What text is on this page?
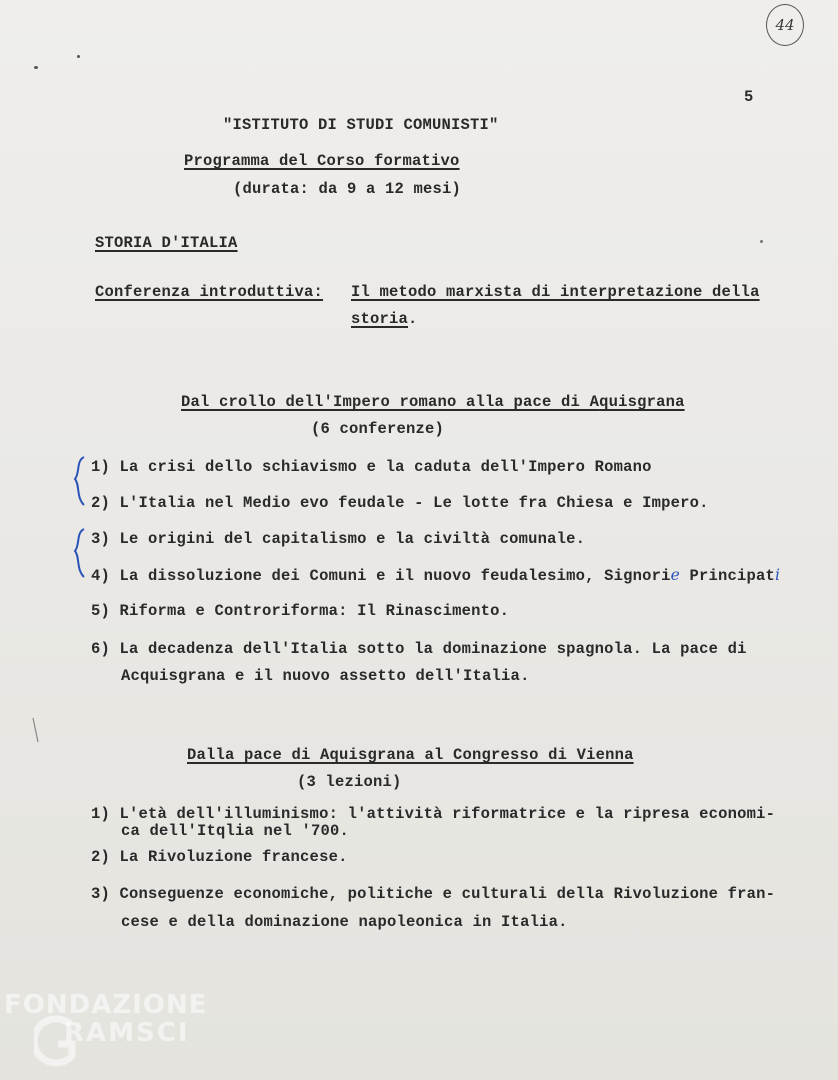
44
5
"ISTITUTO DI STUDI COMUNISTI"
Programma del Corso formativo
(durata: da 9 a 12 mesi)
STORIA D'ITALIA
Conferenza introduttiva: Il metodo marxista di interpretazione della
storia.
Dal crollo dell'Impero romano alla pace di Aquisgrana
(6 conferenze)
1) La crisi dello schiavismo e la caduta dell'Impero Romano
2) L'Italia nel Medio evo feudale - Le lotte fra Chiesa e Impero.
3) Le origini del capitalismo e la civiltà comunale.
4) La dissoluzione dei Comuni e il nuovo feudalesimo, Signorie Principati
5) Riforma e Controriforma: Il Rinascimento.
6) La decadenza dell'Italia sotto la dominazione spagnola. La pace di
Acquisgrana e il nuovo assetto dell'Italia.
Dalla pace di Aquisgrana al Congresso di Vienna
(3 lezioni)
1) L'età dell'illuminismo: l'attività riformatrice e la ripresa economi-
ca dell'Itqlia nel '700.
2) La Rivoluzione francese.
3) Conseguenze economiche, politiche e culturali della Rivoluzione fran-
cese e della dominazione napoleonica in Italia.
FONDAZIONE
RAMSCI
